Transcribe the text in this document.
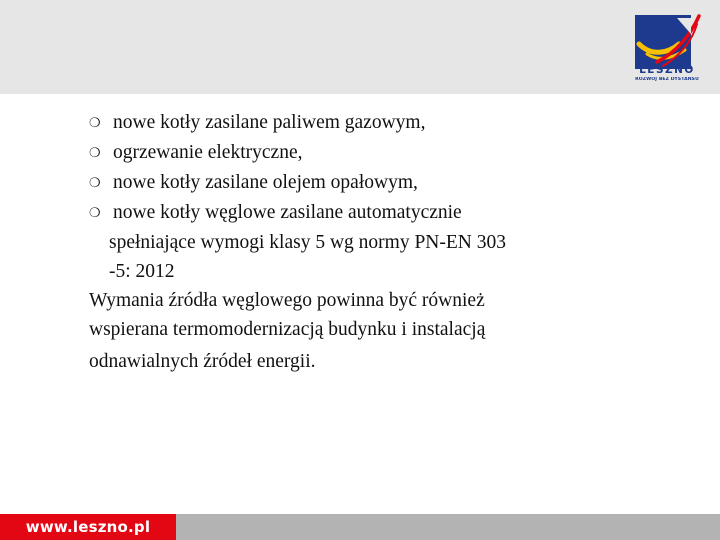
LESZNO
ROZWÓJ BEZ DYSTANSU
❍ nowe kotły zasilane paliwem gazowym,
❍ ogrzewanie elektryczne,
❍ nowe kotły zasilane olejem opałowym,
❍ nowe kotły węglowe zasilane automatycznie
spełniające wymogi klasy 5 wg normy PN-EN 303
-5: 2012
Wymania źródła węglowego powinna być również
wspierana termomodernizacją budynku i instalacją
odnawialnych źródeł energii.
www.leszno.pl
